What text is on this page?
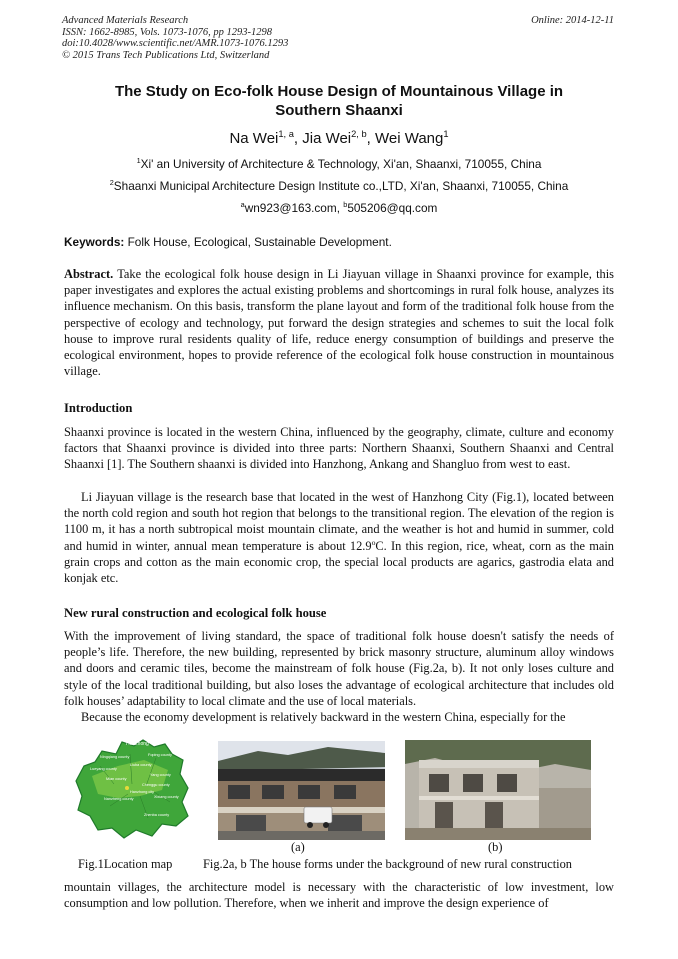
Advanced Materials Research
ISSN: 1662-8985, Vols. 1073-1076, pp 1293-1298
doi:10.4028/www.scientific.net/AMR.1073-1076.1293
© 2015 Trans Tech Publications Ltd, Switzerland
Online: 2014-12-11
The Study on Eco-folk House Design of Mountainous Village in
Southern Shaanxi
Na Wei$^{1, a}$, Jia Wei$^{2, b}$, Wei Wang$^1$
$^1$Xi' an University of Architecture & Technology, Xi'an, Shaanxi, 710055, China
$^2$Shaanxi Municipal Architecture Design Institute co.,LTD, Xi'an, Shaanxi, 710055, China
$^a$wn923@163.com, $^b$505206@qq.com
Keywords: Folk House, Ecological, Sustainable Development.
Abstract. Take the ecological folk house design in Li Jiayuan village in Shaanxi province for example, this paper investigates and explores the actual existing problems and shortcomings in rural folk house, analyzes its influence mechanism. On this basis, transform the plane layout and form of the traditional folk house from the perspective of ecology and technology, put forward the design strategies and schemes to suit the local folk house to improve rural residents quality of life, reduce energy consumption of buildings and preserve the ecological environment, hopes to provide reference of the ecological folk house construction in mountainous village.
Introduction
Shaanxi province is located in the western China, influenced by the geography, climate, culture and economy factors that Shaanxi province is divided into three parts: Northern Shaanxi, Southern Shaanxi and Central Shaanxi [1]. The Southern shaanxi is divided into Hanzhong, Ankang and Shangluo from west to east.
Li Jiayuan village is the research base that located in the west of Hanzhong City (Fig.1), located between the north cold region and south hot region that belongs to the transitional region. The elevation of the region is 1100 m, it has a north subtropical moist mountain climate, and the weather is hot and humid in summer, cold and humid in winter, annual mean temperature is about 12.9$^o$C. In this region, rice, wheat, corn as the main grain crops and cotton as the main economic crop, the special local products are agarics, gastrodia elata and konjak etc.
New rural construction and ecological folk house
With the improvement of living standard, the space of traditional folk house doesn't satisfy the needs of people’s life. Therefore, the new building, represented by brick masonry structure, aluminum alloy windows and doors and ceramic tiles, become the mainstream of folk house (Fig.2a, b). It not only loses culture and style of the local traditional building, but also loses the advantage of ecological architecture that includes old folk houses’ adaptability to local climate and the use of local materials.
Because the economy development is relatively backward in the western China, especially for the
Hanzhong
Foping county
Ningqiang county
Lueyang county
Liuba county
Mian county
Yang county
Chenggu county
Hanzhong city
Xixiang county
Nanzheng county
Zhenba county
(a)	(b)
Fig.1Location map Fig.2a, b The house forms under the background of new rural construction
mountain villages, the architecture model is necessary with the characteristic of low investment, low consumption and low pollution. Therefore, when we inherit and improve the design experience of
